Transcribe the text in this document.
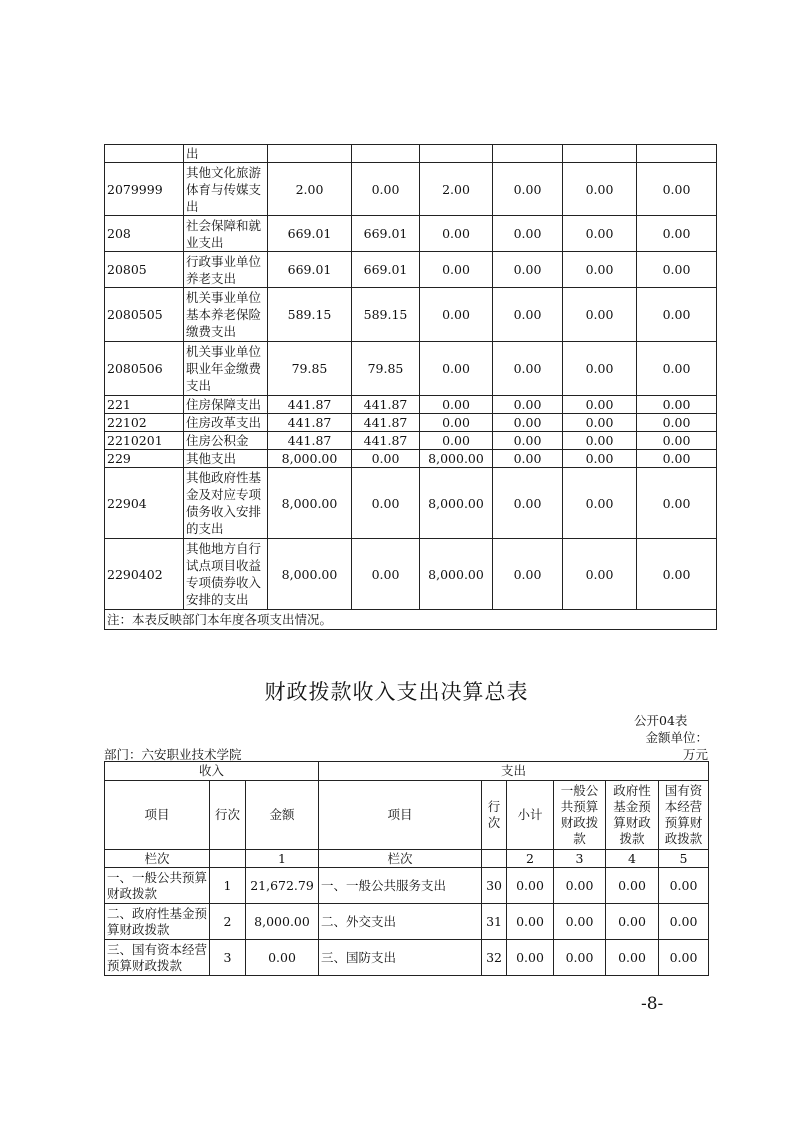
	出						
2079999	其他文化旅游体育与传媒支出	2.00	0.00	2.00	0.00	0.00	0.00
208	社会保障和就业支出	669.01	669.01	0.00	0.00	0.00	0.00
20805	行政事业单位养老支出	669.01	669.01	0.00	0.00	0.00	0.00
2080505	机关事业单位基本养老保险缴费支出	589.15	589.15	0.00	0.00	0.00	0.00
2080506	机关事业单位职业年金缴费支出	79.85	79.85	0.00	0.00	0.00	0.00
221	住房保障支出	441.87	441.87	0.00	0.00	0.00	0.00
22102	住房改革支出	441.87	441.87	0.00	0.00	0.00	0.00
2210201	住房公积金	441.87	441.87	0.00	0.00	0.00	0.00
229	其他支出	8,000.00	0.00	8,000.00	0.00	0.00	0.00
22904	其他政府性基金及对应专项债务收入安排的支出	8,000.00	0.00	8,000.00	0.00	0.00	0.00
2290402	其他地方自行试点项目收益专项债券收入安排的支出	8,000.00	0.00	8,000.00	0.00	0.00	0.00
注：本表反映部门本年度各项支出情况。							
财政拨款收入支出决算总表
公开04表
金额单位：万元
部门：六安职业技术学院
收入			支出					
项目	行次	金额	项目	行次	小计	一般公共预算财政拨款	政府性基金预算财政拨款	国有资本经营预算财政拨款
栏次		1	栏次		2	3	4	5
一、一般公共预算财政拨款	1	21,672.79	一、一般公共服务支出	30	0.00	0.00	0.00	0.00
二、政府性基金预算财政拨款	2	8,000.00	二、外交支出	31	0.00	0.00	0.00	0.00
三、国有资本经营预算财政拨款	3	0.00	三、国防支出	32	0.00	0.00	0.00	0.00
-8-
